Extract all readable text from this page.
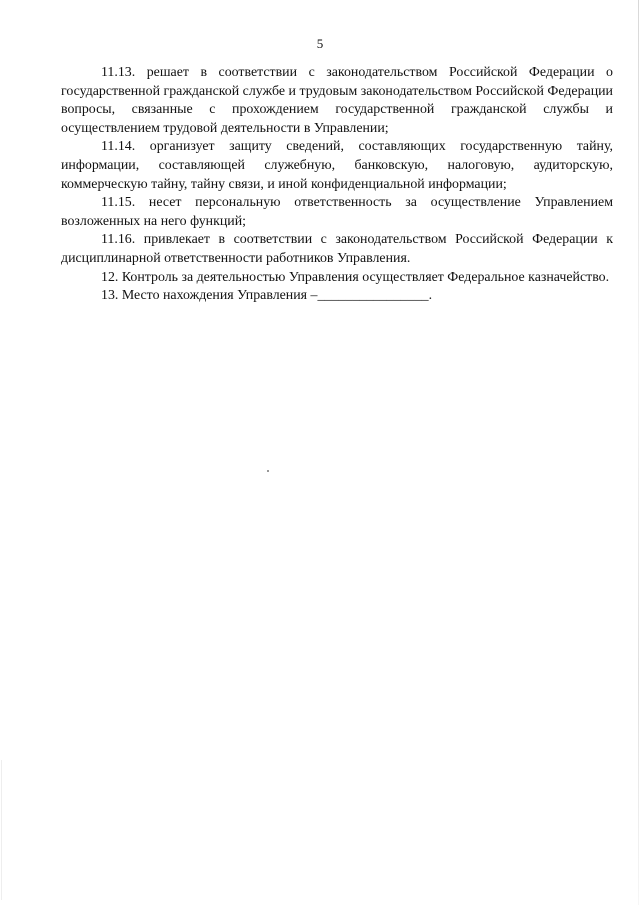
5

11.13. решает в соответствии с законодательством Российской Федерации о государственной гражданской службе и трудовым законодательством Российской Федерации вопросы, связанные с прохождением государственной гражданской службы и осуществлением трудовой деятельности в Управлении;

11.14. организует защиту сведений, составляющих государственную тайну, информации, составляющей служебную, банковскую, налоговую, аудиторскую, коммерческую тайну, тайну связи, и иной конфиденциальной информации;

11.15. несет персональную ответственность за осуществление Управлением возложенных на него функций;

11.16. привлекает в соответствии с законодательством Российской Федерации к дисциплинарной ответственности работников Управления.

12. Контроль за деятельностью Управления осуществляет Федеральное казначейство.

13. Место нахождения Управления –________________.
